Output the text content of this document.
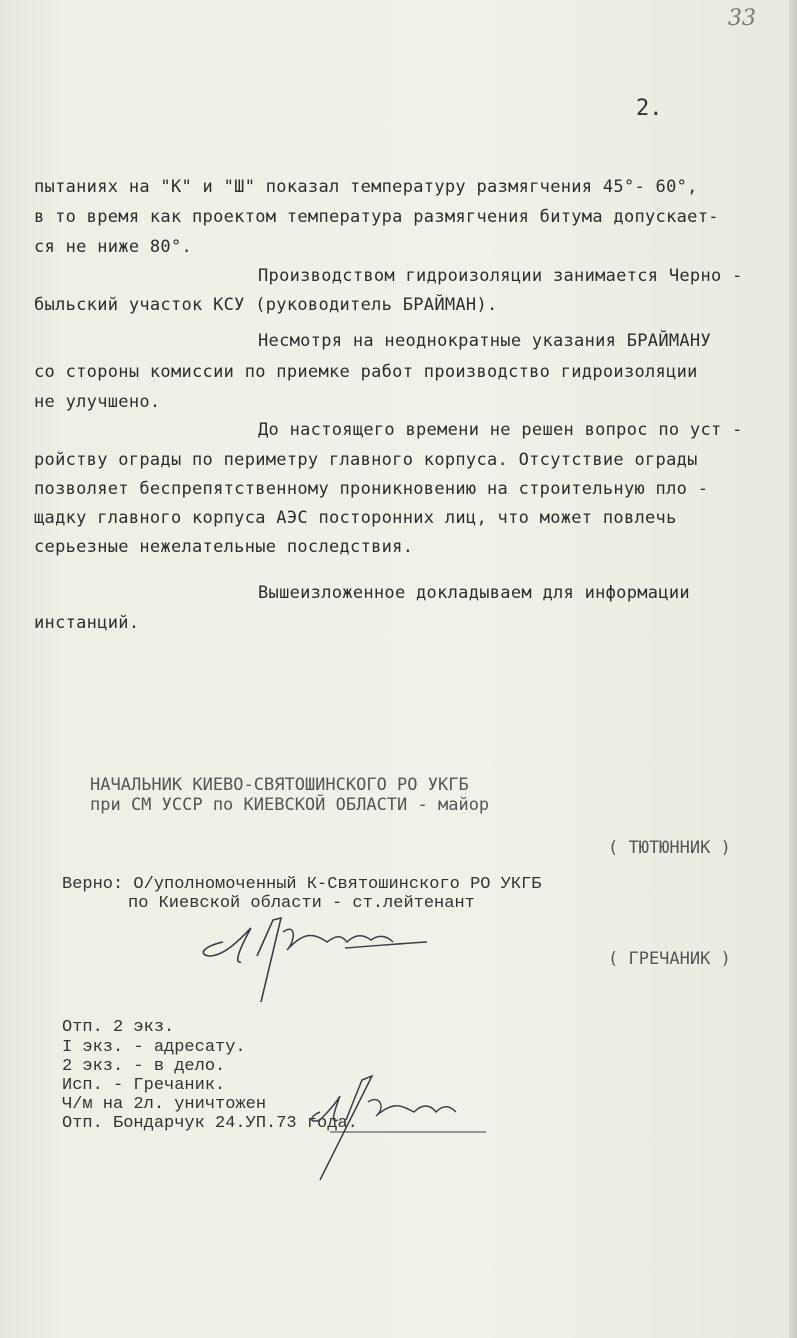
33
2.
пытаниях на "К" и "Ш" показал температуру размягчения 45°- 60°,
в то время как проектом температура размягчения битума допускает-
ся не ниже 80°.
Производством гидроизоляции занимается Черно -
быльский участок КСУ (руководитель БРАЙМАН).
Несмотря на неоднократные указания БРАЙМАНУ
со стороны комиссии по приемке работ производство гидроизоляции
не улучшено.
До настоящего времени не решен вопрос по уст -
ройству ограды по периметру главного корпуса. Отсутствие ограды
позволяет беспрепятственному проникновению на строительную пло -
щадку главного корпуса АЭС посторонних лиц, что может повлечь
серьезные нежелательные последствия.
Вышеизложенное докладываем для информации
инстанций.
НАЧАЛЬНИК КИЕВО-СВЯТОШИНСКОГО РО УКГБ
при СМ УССР по КИЕВСКОЙ ОБЛАСТИ - майор
( ТЮТЮННИК )
Верно: О/уполномоченный К-Святошинского РО УКГБ
по Киевской области - ст.лейтенант
( ГРЕЧАНИК )
Отп. 2 экз.
I экз. - адресату.
2 экз. - в дело.
Исп. - Гречаник.
Ч/м на 2л. уничтожен
Отп. Бондарчук 24.УП.73 года.
